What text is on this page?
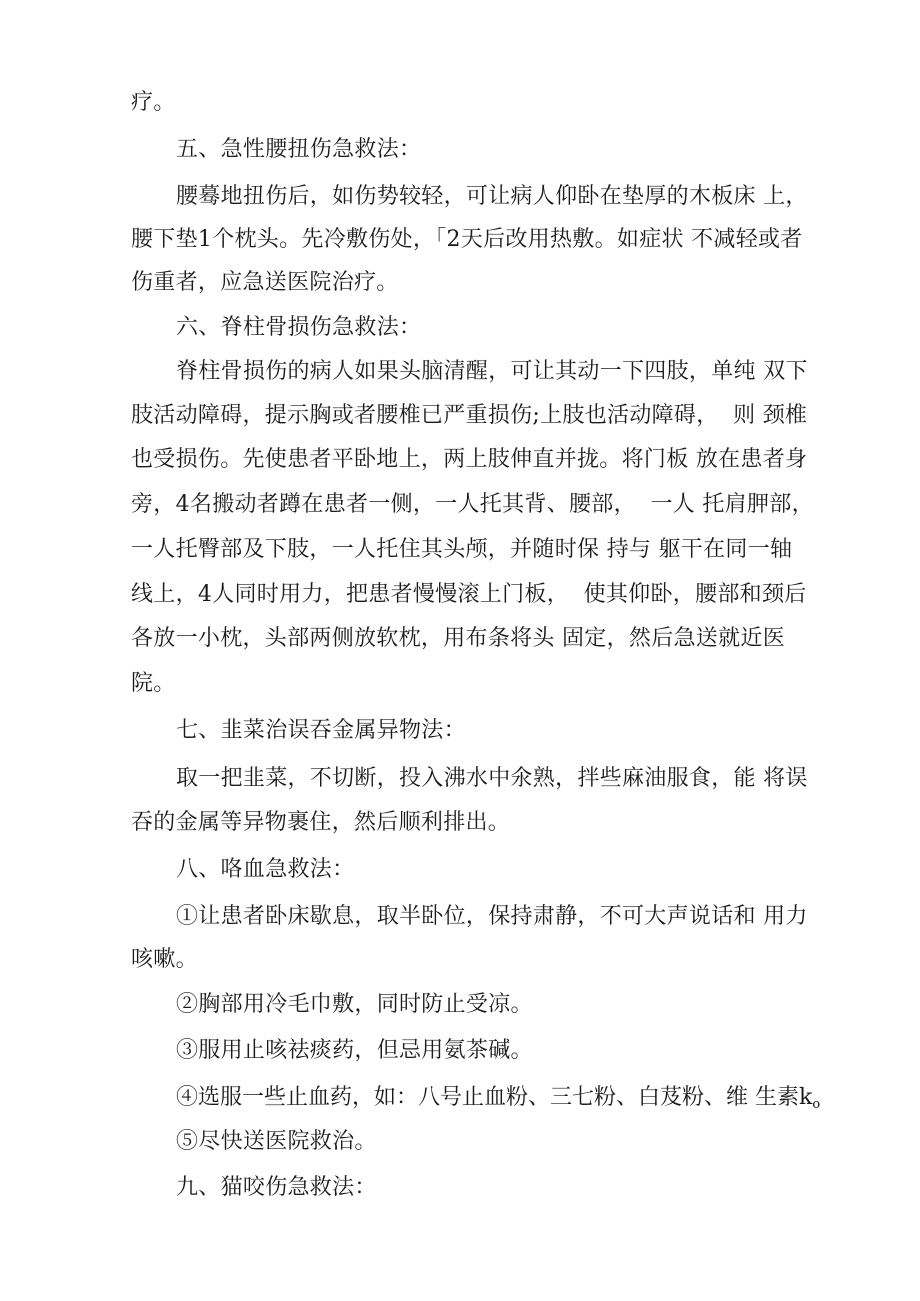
疗。
五、急性腰扭伤急救法：
腰蓦地扭伤后，如伤势较轻，可让病人仰卧在垫厚的木板床 上，
腰下垫1个枕头。先冷敷伤处，「2天后改用热敷。如症状 不减轻或者
伤重者，应急送医院治疗。
六、脊柱骨损伤急救法：
脊柱骨损伤的病人如果头脑清醒，可让其动一下四肢，单纯 双下
肢活动障碍，提示胸或者腰椎已严重损伤;上肢也活动障碍，  则 颈椎
也受损伤。先使患者平卧地上，两上肢伸直并拢。将门板 放在患者身
旁，4名搬动者蹲在患者一侧，一人托其背、腰部，  一人 托肩胛部，
一人托臀部及下肢，一人托住其头颅，并随时保 持与 躯干在同一轴
线上，4人同时用力，把患者慢慢滚上门板，  使其仰卧，腰部和颈后
各放一小枕，头部两侧放软枕，用布条将头 固定，然后急送就近医
院。
七、韭菜治误吞金属异物法：
取一把韭菜，不切断，投入沸水中氽熟，拌些麻油服食，能 将误
吞的金属等异物裹住，然后顺利排出。
八、咯血急救法：
①让患者卧床歇息，取半卧位，保持肃静，不可大声说话和 用力
咳嗽。
②胸部用冷毛巾敷，同时防止受凉。
③服用止咳祛痰药，但忌用氨茶碱。
④选服一些止血药，如：八号止血粉、三七粉、白芨粉、维 生素ko
⑤尽快送医院救治。
九、猫咬伤急救法：
